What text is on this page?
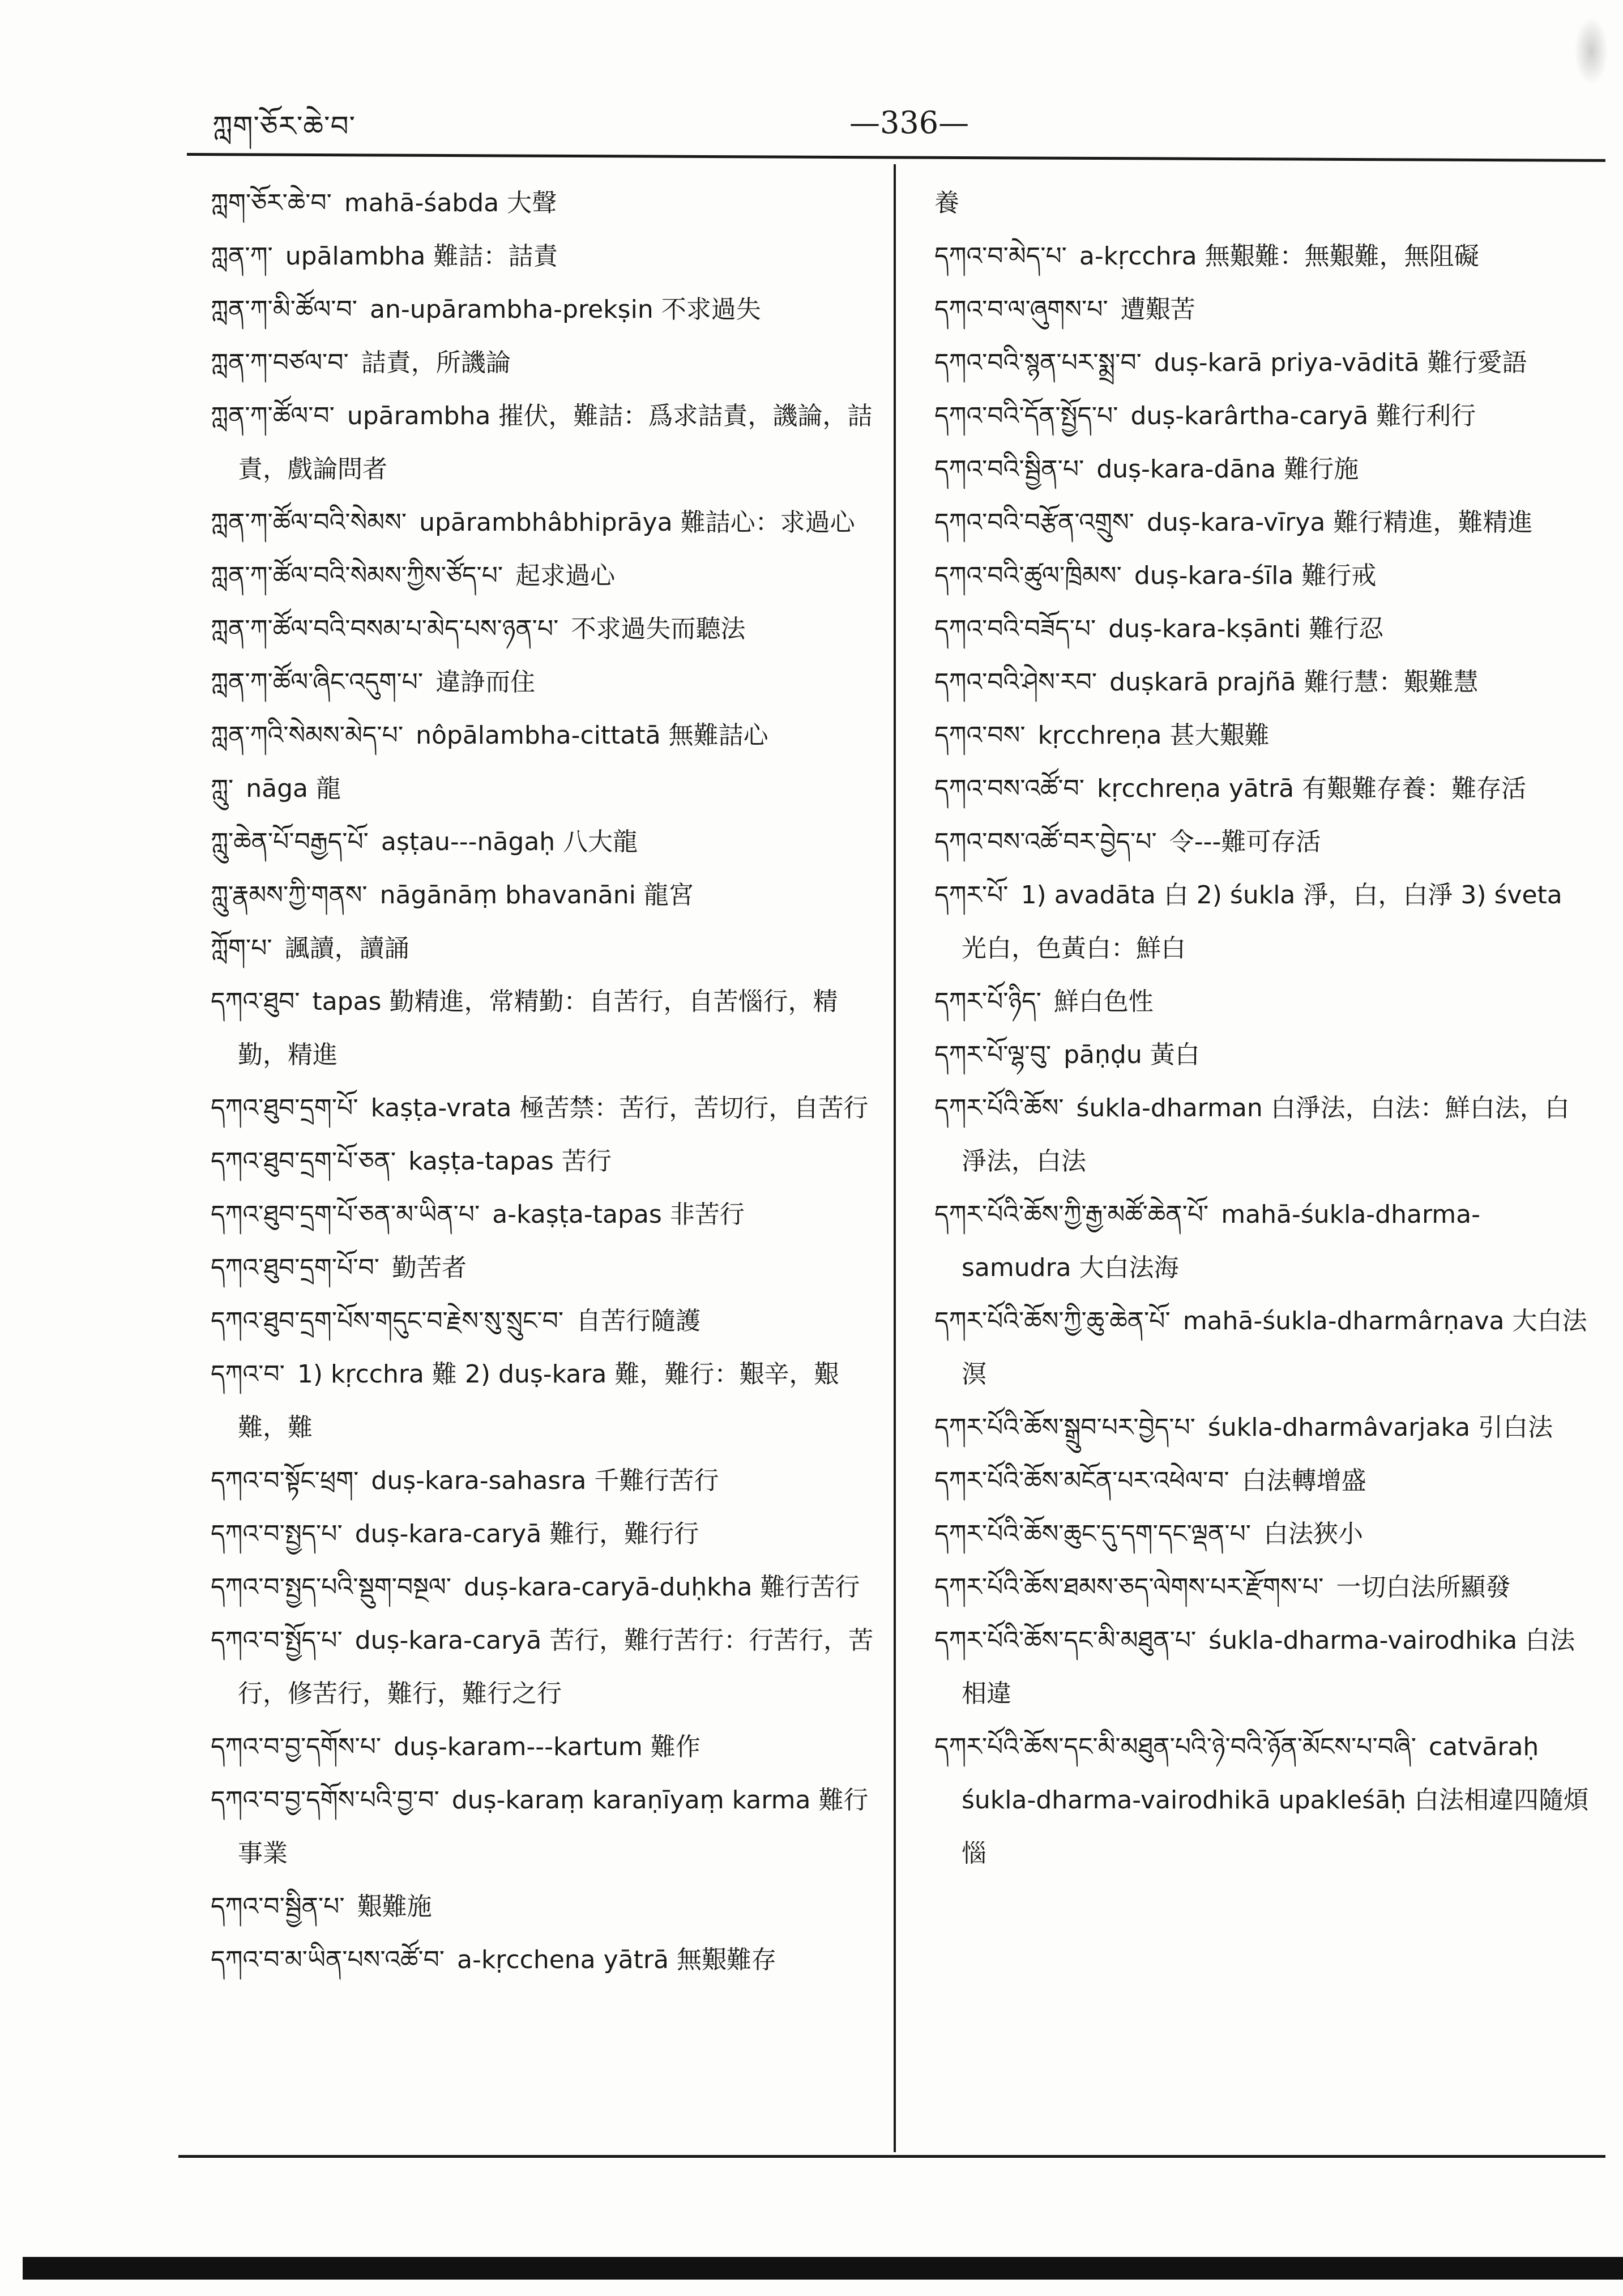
ཀླག་ཅོར་ཆེ་བ་	—336—

ཀླག་ཅོར་ཆེ་བ་ mahā-śabda 大聲

ཀླན་ཀ་ upālambha 難詰：詰責

ཀླན་ཀ་མི་ཚོལ་བ་ an-upārambha-prekṣin 不求過失

ཀླན་ཀ་བཙལ་བ་ 詰責，所譏論

ཀླན་ཀ་ཚོལ་བ་ upārambha 摧伏，難詰：爲求詰責，譏論，詰責，戲論問者

ཀླན་ཀ་ཚོལ་བའི་སེམས་ upārambhâbhiprāya 難詰心：求過心

ཀླན་ཀ་ཚོལ་བའི་སེམས་ཀྱིས་ཙོད་པ་ 起求過心

ཀླན་ཀ་ཚོལ་བའི་བསམ་པ་མེད་པས་ཉན་པ་ 不求過失而聽法

ཀླན་ཀ་ཚོལ་ཞིང་འདུག་པ་ 違諍而住

ཀླན་ཀའི་སེམས་མེད་པ་ nôpālambha-cittatā 無難詰心

ཀླུ་ nāga 龍

ཀླུ་ཆེན་པོ་བརྒྱད་པོ་ aṣṭau---nāgaḥ 八大龍

ཀླུ་རྣམས་ཀྱི་གནས་ nāgānāṃ bhavanāni 龍宮

ཀློག་པ་ 諷讀，讀誦

དཀའ་ཐུབ་ tapas 勤精進，常精勤：自苦行，自苦惱行，精勤，精進

དཀའ་ཐུབ་དྲག་པོ་ kaṣṭa-vrata 極苦禁：苦行，苦切行，自苦行

དཀའ་ཐུབ་དྲག་པོ་ཅན་ kaṣṭa-tapas 苦行

དཀའ་ཐུབ་དྲག་པོ་ཅན་མ་ཡིན་པ་ a-kaṣṭa-tapas 非苦行

དཀའ་ཐུབ་དྲག་པོ་བ་ 勤苦者

དཀའ་ཐུབ་དྲག་པོས་གདུང་བ་རྗེས་སུ་སྲུང་བ་ 自苦行隨護

དཀའ་བ་ 1) kṛcchra 難 2) duṣ-kara 難，難行：艱辛，艱難，難

དཀའ་བ་སྟོང་ཕྲག་ duṣ-kara-sahasra 千難行苦行

དཀའ་བ་སྤྱད་པ་ duṣ-kara-caryā 難行，難行行

དཀའ་བ་སྤྱད་པའི་སྡུག་བསྔལ་ duṣ-kara-caryā-duḥkha 難行苦行

དཀའ་བ་སྤྱོད་པ་ duṣ-kara-caryā 苦行，難行苦行：行苦行，苦行，修苦行，難行，難行之行

དཀའ་བ་བྱ་དགོས་པ་ duṣ-karam---kartum 難作

དཀའ་བ་བྱ་དགོས་པའི་བྱ་བ་ duṣ-karaṃ karaṇīyaṃ karma 難行事業

དཀའ་བ་སྦྱིན་པ་ 艱難施

དཀའ་བ་མ་ཡིན་པས་འཚོ་བ་ a-kṛcchena yātrā 無艱難存

養

དཀའ་བ་མེད་པ་ a-kṛcchra 無艱難：無艱難，無阻礙

དཀའ་བ་ལ་ཞུགས་པ་ 遭艱苦

དཀའ་བའི་སྙན་པར་སྨྲ་བ་ duṣ-karā priya-vāditā 難行愛語

དཀའ་བའི་དོན་སྤྱོད་པ་ duṣ-karârtha-caryā 難行利行

དཀའ་བའི་སྦྱིན་པ་ duṣ-kara-dāna 難行施

དཀའ་བའི་བརྩོན་འགྲུས་ duṣ-kara-vīrya 難行精進，難精進

དཀའ་བའི་ཚུལ་ཁྲིམས་ duṣ-kara-śīla 難行戒

དཀའ་བའི་བཟོད་པ་ duṣ-kara-kṣānti 難行忍

དཀའ་བའི་ཤེས་རབ་ duṣkarā prajñā 難行慧：艱難慧

དཀའ་བས་ kṛcchreṇa 甚大艱難

དཀའ་བས་འཚོ་བ་ kṛcchreṇa yātrā 有艱難存養：難存活

དཀའ་བས་འཚོ་བར་བྱེད་པ་ 令---難可存活

དཀར་པོ་ 1) avadāta 白 2) śukla 淨，白，白淨 3) śveta光白，色黃白：鮮白

དཀར་པོ་ཉིད་ 鮮白色性

དཀར་པོ་ལྷ་བུ་ pāṇḍu 黃白

དཀར་པོའི་ཆོས་ śukla-dharman 白淨法，白法：鮮白法，白淨法，白法

དཀར་པོའི་ཆོས་ཀྱི་རྒྱ་མཚོ་ཆེན་པོ་ mahā-śukla-dharma-samudra 大白法海

དཀར་པོའི་ཆོས་ཀྱི་ཆུ་ཆེན་པོ་ mahā-śukla-dharmârṇava 大白法溟

དཀར་པོའི་ཆོས་སྒྲུབ་པར་བྱེད་པ་ śukla-dharmâvarjaka 引白法

དཀར་པོའི་ཆོས་མངོན་པར་འཕེལ་བ་ 白法轉增盛

དཀར་པོའི་ཆོས་ཆུང་དུ་དག་དང་ལྡན་པ་ 白法狹小

དཀར་པོའི་ཆོས་ཐམས་ཅད་ལེགས་པར་རྫོགས་པ་ 一切白法所顯發

དཀར་པོའི་ཆོས་དང་མི་མཐུན་པ་ śukla-dharma-vairodhika 白法相違

དཀར་པོའི་ཆོས་དང་མི་མཐུན་པའི་ཉེ་བའི་ཉོན་མོངས་པ་བཞི་ catvāraḥ śukla-dharma-vairodhikā upakleśāḥ 白法相違四隨煩惱
